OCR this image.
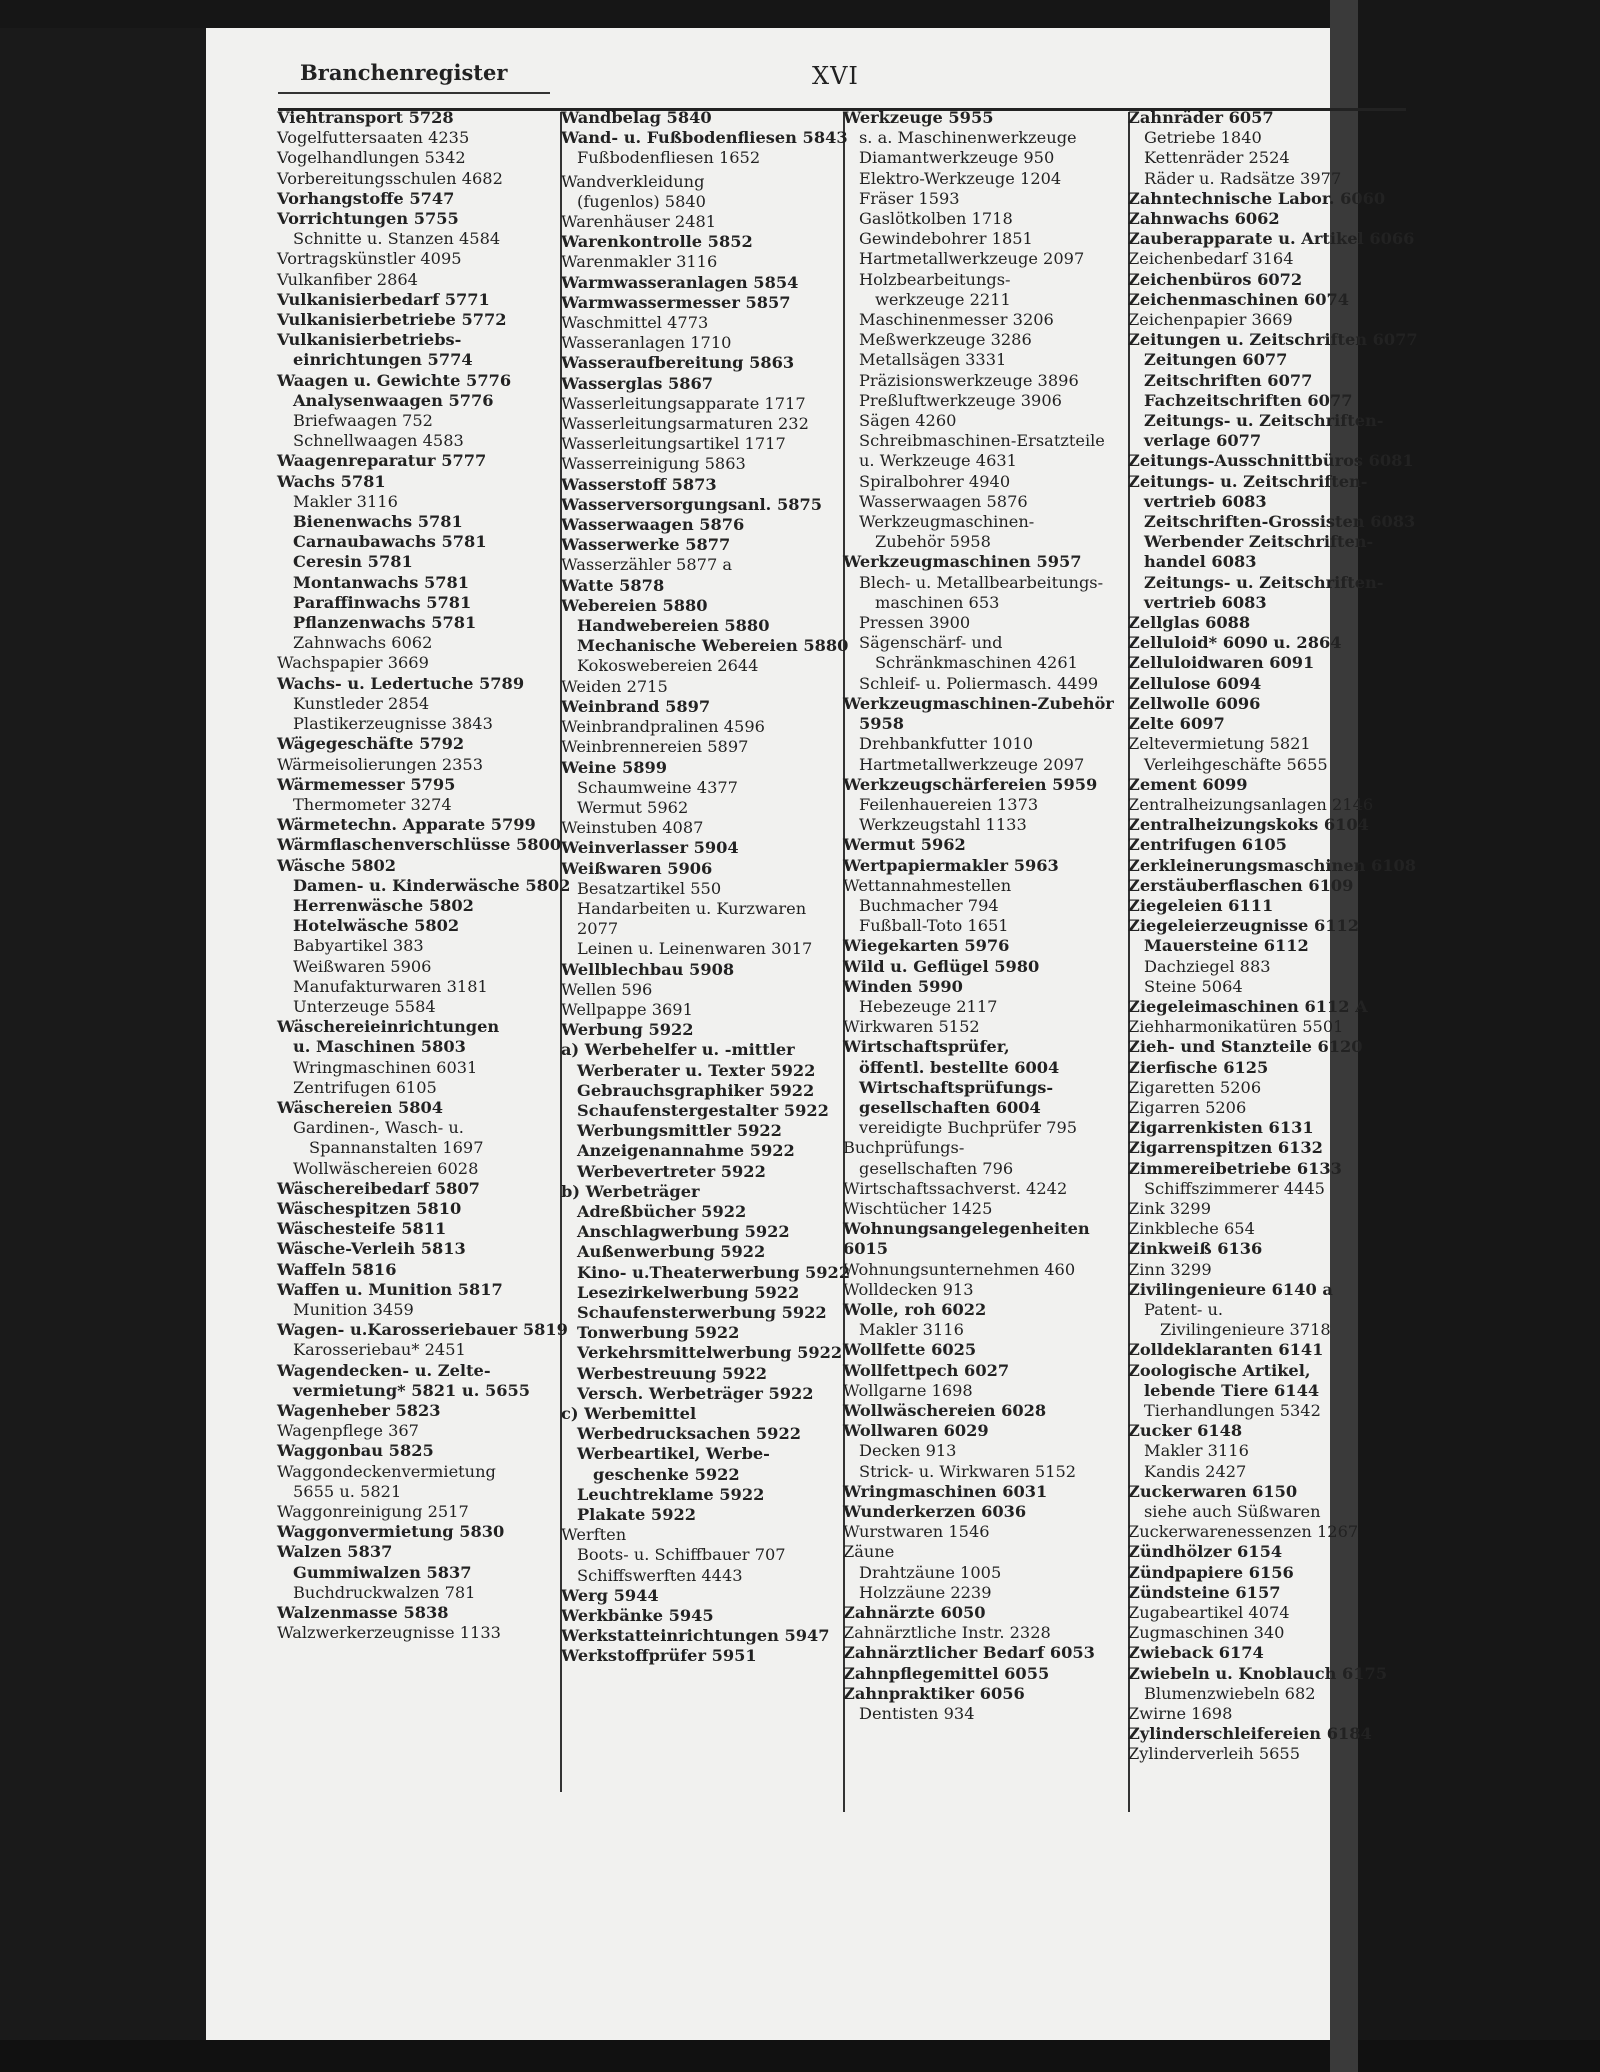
Branchenregister	XVI
Viehtransport 5728
Vogelfuttersaaten 4235
Vogelhandlungen 5342
Vorbereitungsschulen 4682
Vorhangstoffe 5747
Vorrichtungen 5755
Schnitte u. Stanzen 4584
Vortragskünstler 4095
Vulkanfiber 2864
Vulkanisierbedarf 5771
Vulkanisierbetriebe 5772
Vulkanisierbetriebs-
einrichtungen 5774
Waagen u. Gewichte 5776
Analysenwaagen 5776
Briefwaagen 752
Schnellwaagen 4583
Waagenreparatur 5777
Wachs 5781
Makler 3116
Bienenwachs 5781
Carnaubawachs 5781
Ceresin 5781
Montanwachs 5781
Paraffinwachs 5781
Pflanzenwachs 5781
Zahnwachs 6062
Wachspapier 3669
Wachs- u. Ledertuche 5789
Kunstleder 2854
Plastikerzeugnisse 3843
Wägegeschäfte 5792
Wärmeisolierungen 2353
Wärmemesser 5795
Thermometer 3274
Wärmetechn. Apparate 5799
Wärmflaschenverschlüsse 5800
Wäsche 5802
Damen- u. Kinderwäsche 5802
Herrenwäsche 5802
Hotelwäsche 5802
Babyartikel 383
Weißwaren 5906
Manufakturwaren 3181
Unterzeuge 5584
Wäschereieinrichtungen
u. Maschinen 5803
Wringmaschinen 6031
Zentrifugen 6105
Wäschereien 5804
Gardinen-, Wasch- u.
Spannanstalten 1697
Wollwäschereien 6028
Wäschereibedarf 5807
Wäschespitzen 5810
Wäschesteife 5811
Wäsche-Verleih 5813
Waffeln 5816
Waffen u. Munition 5817
Munition 3459
Wagen- u.Karosseriebauer 5819
Karosseriebau* 2451
Wagendecken- u. Zelte-
vermietung* 5821 u. 5655
Wagenheber 5823
Wagenpflege 367
Waggonbau 5825
Waggondeckenvermietung
5655 u. 5821
Waggonreinigung 2517
Waggonvermietung 5830
Walzen 5837
Gummiwalzen 5837
Buchdruckwalzen 781
Walzenmasse 5838
Walzwerkerzeugnisse 1133
Wandbelag 5840
Wand- u. Fußbodenfliesen 5843
Fußbodenfliesen 1652
Wandverkleidung
(fugenlos) 5840
Warenhäuser 2481
Warenkontrolle 5852
Warenmakler 3116
Warmwasseranlagen 5854
Warmwassermesser 5857
Waschmittel 4773
Wasseranlagen 1710
Wasseraufbereitung 5863
Wasserglas 5867
Wasserleitungsapparate 1717
Wasserleitungsarmaturen 232
Wasserleitungsartikel 1717
Wasserreinigung 5863
Wasserstoff 5873
Wasserversorgungsanl. 5875
Wasserwaagen 5876
Wasserwerke 5877
Wasserzähler 5877 a
Watte 5878
Webereien 5880
Handwebereien 5880
Mechanische Webereien 5880
Kokoswebereien 2644
Weiden 2715
Weinbrand 5897
Weinbrandpralinen 4596
Weinbrennereien 5897
Weine 5899
Schaumweine 4377
Wermut 5962
Weinstuben 4087
Weinverlasser 5904
Weißwaren 5906
Besatzartikel 550
Handarbeiten u. Kurzwaren
2077
Leinen u. Leinenwaren 3017
Wellblechbau 5908
Wellen 596
Wellpappe 3691
Werbung 5922
a) Werbehelfer u. -mittler
Werberater u. Texter 5922
Gebrauchsgraphiker 5922
Schaufenstergestalter 5922
Werbungsmittler 5922
Anzeigenannahme 5922
Werbevertreter 5922
b) Werbeträger
Adreßbücher 5922
Anschlagwerbung 5922
Außenwerbung 5922
Kino- u.Theaterwerbung 5922
Lesezirkelwerbung 5922
Schaufensterwerbung 5922
Tonwerbung 5922
Verkehrsmittelwerbung 5922
Werbestreuung 5922
Versch. Werbeträger 5922
c) Werbemittel
Werbedrucksachen 5922
Werbeartikel, Werbe-
geschenke 5922
Leuchtreklame 5922
Plakate 5922
Werften
Boots- u. Schiffbauer 707
Schiffswerften 4443
Werg 5944
Werkbänke 5945
Werkstatteinrichtungen 5947
Werkstoffprüfer 5951
Werkzeuge 5955
s. a. Maschinenwerkzeuge
Diamantwerkzeuge 950
Elektro-Werkzeuge 1204
Fräser 1593
Gaslötkolben 1718
Gewindebohrer 1851
Hartmetallwerkzeuge 2097
Holzbearbeitungs-
werkzeuge 2211
Maschinenmesser 3206
Meßwerkzeuge 3286
Metallsägen 3331
Präzisionswerkzeuge 3896
Preßluftwerkzeuge 3906
Sägen 4260
Schreibmaschinen-Ersatzteile
u. Werkzeuge 4631
Spiralbohrer 4940
Wasserwaagen 5876
Werkzeugmaschinen-
Zubehör 5958
Werkzeugmaschinen 5957
Blech- u. Metallbearbeitungs-
maschinen 653
Pressen 3900
Sägenschärf- und
Schränkmaschinen 4261
Schleif- u. Poliermasch. 4499
Werkzeugmaschinen-Zubehör
5958
Drehbankfutter 1010
Hartmetallwerkzeuge 2097
Werkzeugschärfereien 5959
Feilenhauereien 1373
Werkzeugstahl 1133
Wermut 5962
Wertpapiermakler 5963
Wettannahmestellen
Buchmacher 794
Fußball-Toto 1651
Wiegekarten 5976
Wild u. Geflügel 5980
Winden 5990
Hebezeuge 2117
Wirkwaren 5152
Wirtschaftsprüfer,
öffentl. bestellte 6004
Wirtschaftsprüfungs-
gesellschaften 6004
vereidigte Buchprüfer 795
Buchprüfungs-
gesellschaften 796
Wirtschaftssachverst. 4242
Wischtücher 1425
Wohnungsangelegenheiten
6015
Wohnungsunternehmen 460
Wolldecken 913
Wolle, roh 6022
Makler 3116
Wollfette 6025
Wollfettpech 6027
Wollgarne 1698
Wollwäschereien 6028
Wollwaren 6029
Decken 913
Strick- u. Wirkwaren 5152
Wringmaschinen 6031
Wunderkerzen 6036
Wurstwaren 1546
Zäune
Drahtzäune 1005
Holzzäune 2239
Zahnärzte 6050
Zahnärztliche Instr. 2328
Zahnärztlicher Bedarf 6053
Zahnpflegemittel 6055
Zahnpraktiker 6056
Dentisten 934
Zahnräder 6057
Getriebe 1840
Kettenräder 2524
Räder u. Radsätze 3977
Zahntechnische Labor. 6060
Zahnwachs 6062
Zauberapparate u. Artikel 6066
Zeichenbedarf 3164
Zeichenbüros 6072
Zeichenmaschinen 6074
Zeichenpapier 3669
Zeitungen u. Zeitschriften 6077
Zeitungen 6077
Zeitschriften 6077
Fachzeitschriften 6077
Zeitungs- u. Zeitschriften-
verlage 6077
Zeitungs-Ausschnittbüros 6081
Zeitungs- u. Zeitschriften-
vertrieb 6083
Zeitschriften-Grossisten 6083
Werbender Zeitschriften-
handel 6083
Zeitungs- u. Zeitschriften-
vertrieb 6083
Zellglas 6088
Zelluloid* 6090 u. 2864
Zelluloidwaren 6091
Zellulose 6094
Zellwolle 6096
Zelte 6097
Zeltevermietung 5821
Verleihgeschäfte 5655
Zement 6099
Zentralheizungsanlagen 2146
Zentralheizungskoks 6104
Zentrifugen 6105
Zerkleinerungsmaschinen 6108
Zerstäuberflaschen 6109
Ziegeleien 6111
Ziegeleierzeugnisse 6112
Mauersteine 6112
Dachziegel 883
Steine 5064
Ziegeleimaschinen 6112 A
Ziehharmonikatüren 5501
Zieh- und Stanzteile 6120
Zierfische 6125
Zigaretten 5206
Zigarren 5206
Zigarrenkisten 6131
Zigarrenspitzen 6132
Zimmereibetriebe 6133
Schiffszimmerer 4445
Zink 3299
Zinkbleche 654
Zinkweiß 6136
Zinn 3299
Zivilingenieure 6140 a
Patent- u.
Zivilingenieure 3718
Zolldeklaranten 6141
Zoologische Artikel,
lebende Tiere 6144
Tierhandlungen 5342
Zucker 6148
Makler 3116
Kandis 2427
Zuckerwaren 6150
siehe auch Süßwaren
Zuckerwarenessenzen 1267
Zündhölzer 6154
Zündpapiere 6156
Zündsteine 6157
Zugabeartikel 4074
Zugmaschinen 340
Zwieback 6174
Zwiebeln u. Knoblauch 6175
Blumenzwiebeln 682
Zwirne 1698
Zylinderschleifereien 6184
Zylinderverleih 5655
